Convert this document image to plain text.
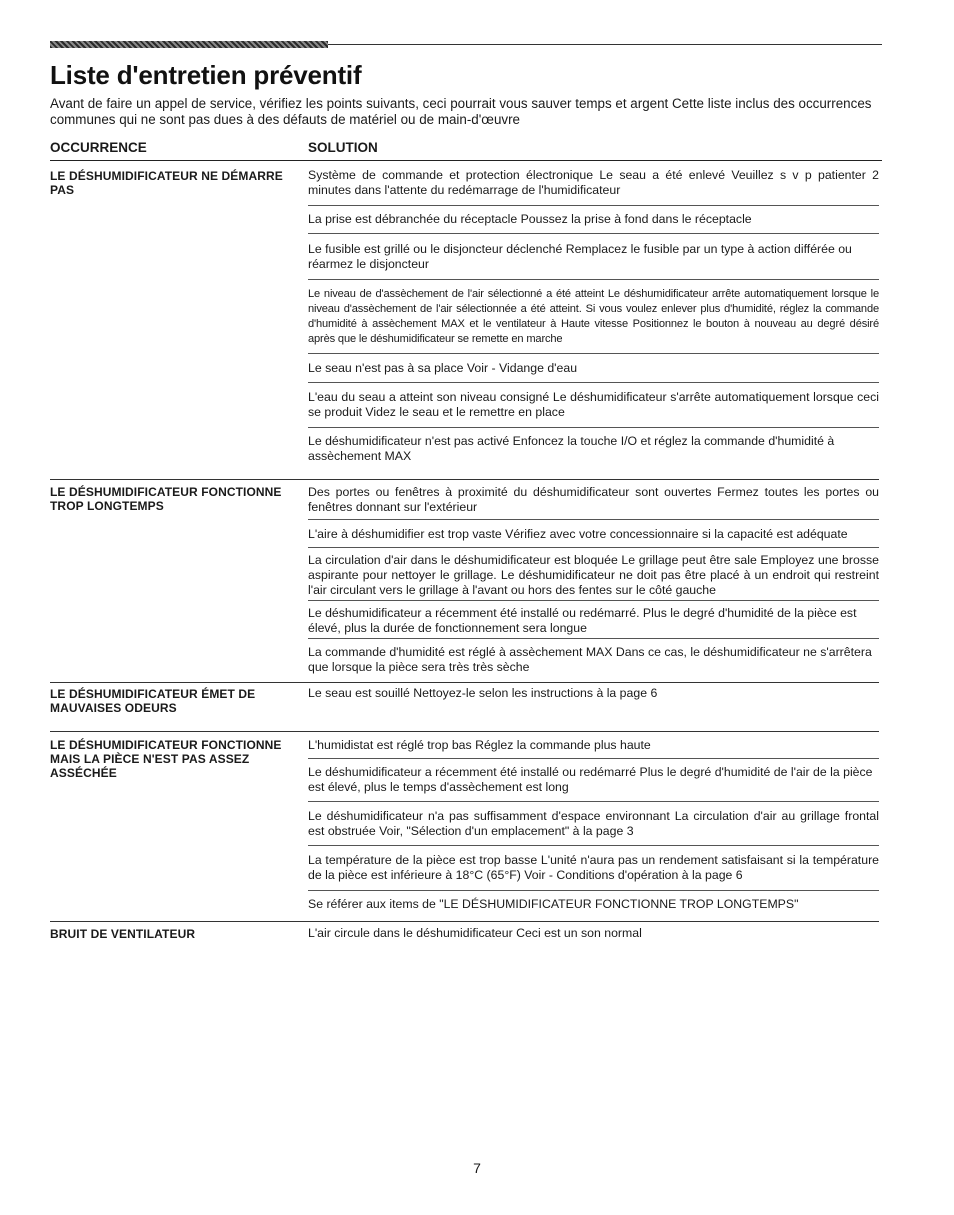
Liste d'entretien préventif

Avant de faire un appel de service, vérifiez les points suivants, ceci pourrait vous sauver temps et argent Cette liste inclus des occurrences communes qui ne sont pas dues à des défauts de matériel ou de main-d'œuvre

OCCURRENCE	SOLUTION

LE DÉSHUMIDIFICATEUR NE DÉMARRE PAS

Système de commande et protection électronique Le seau a été enlevé Veuillez s v p patienter 2 minutes dans l'attente du redémarrage de l'humidificateur

La prise est débranchée du réceptacle Poussez la prise à fond dans le réceptacle

Le fusible est grillé ou le disjoncteur déclenché Remplacez le fusible par un type à action différée ou réarmez le disjoncteur

Le niveau de d'assèchement de l'air sélectionné a été atteint Le déshumidificateur arrête automatiquement lorsque le niveau d'assèchement de l'air sélectionnée a été atteint. Si vous voulez enlever plus d'humidité, réglez la commande d'humidité à assèchement MAX et le ventilateur à Haute vitesse Positionnez le bouton à nouveau au degré désiré après que le déshumidificateur se remette en marche

Le seau n'est pas à sa place Voir - Vidange d'eau

L'eau du seau a atteint son niveau consigné Le déshumidificateur s'arrête automatiquement lorsque ceci se produit Videz le seau et le remettre en place

Le déshumidificateur n'est pas activé Enfoncez la touche I/O et réglez la commande d'humidité à assèchement MAX

LE DÉSHUMIDIFICATEUR FONCTIONNE TROP LONGTEMPS

Des portes ou fenêtres à proximité du déshumidificateur sont ouvertes Fermez toutes les portes ou fenêtres donnant sur l'extérieur

L'aire à déshumidifier est trop vaste Vérifiez avec votre concessionnaire si la capacité est adéquate

La circulation d'air dans le déshumidificateur est bloquée Le grillage peut être sale Employez une brosse aspirante pour nettoyer le grillage. Le déshumidificateur ne doit pas être placé à un endroit qui restreint l'air circulant vers le grillage à l'avant ou hors des fentes sur le côté gauche

Le déshumidificateur a récemment été installé ou redémarré. Plus le degré d'humidité de la pièce est élevé, plus la durée de fonctionnement sera longue

La commande d'humidité est réglé à assèchement MAX Dans ce cas, le déshumidificateur ne s'arrêtera que lorsque la pièce sera très très sèche

LE DÉSHUMIDIFICATEUR ÉMET DE MAUVAISES ODEURS

Le seau est souillé Nettoyez-le selon les instructions à la page 6

LE DÉSHUMIDIFICATEUR FONCTIONNE MAIS LA PIÈCE N'EST PAS ASSEZ ASSÉCHÉE

L'humidistat est réglé trop bas Réglez la commande plus haute

Le déshumidificateur a récemment été installé ou redémarré Plus le degré d'humidité de l'air de la pièce est élevé, plus le temps d'assèchement est long

Le déshumidificateur n'a pas suffisamment d'espace environnant La circulation d'air au grillage frontal est obstruée Voir, "Sélection d'un emplacement" à la page 3

La température de la pièce est trop basse L'unité n'aura pas un rendement satisfaisant si la température de la pièce est inférieure à 18°C (65°F) Voir - Conditions d'opération à la page 6

Se référer aux items de "LE DÉSHUMIDIFICATEUR FONCTIONNE TROP LONGTEMPS"

BRUIT DE VENTILATEUR	L'air circule dans le déshumidificateur Ceci est un son normal

7
